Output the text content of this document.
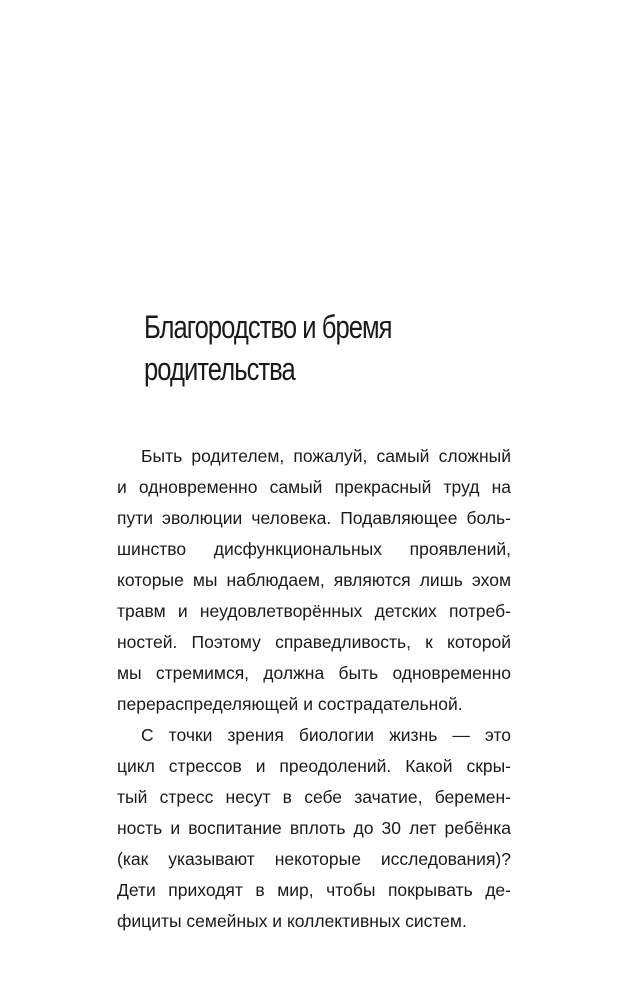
Благородство и бремя
родительства

Быть родителем, пожалуй, самый сложный
и одновременно самый прекрасный труд на
пути эволюции человека. Подавляющее боль-
шинство дисфункциональных проявлений,
которые мы наблюдаем, являются лишь эхом
травм и неудовлетворённых детских потреб-
ностей. Поэтому справедливость, к которой
мы стремимся, должна быть одновременно
перераспределяющей и сострадательной.

С точки зрения биологии жизнь — это
цикл стрессов и преодолений. Какой скры-
тый стресс несут в себе зачатие, беремен-
ность и воспитание вплоть до 30 лет ребёнка
(как указывают некоторые исследования)?
Дети приходят в мир, чтобы покрывать де-
фициты семейных и коллективных систем.
